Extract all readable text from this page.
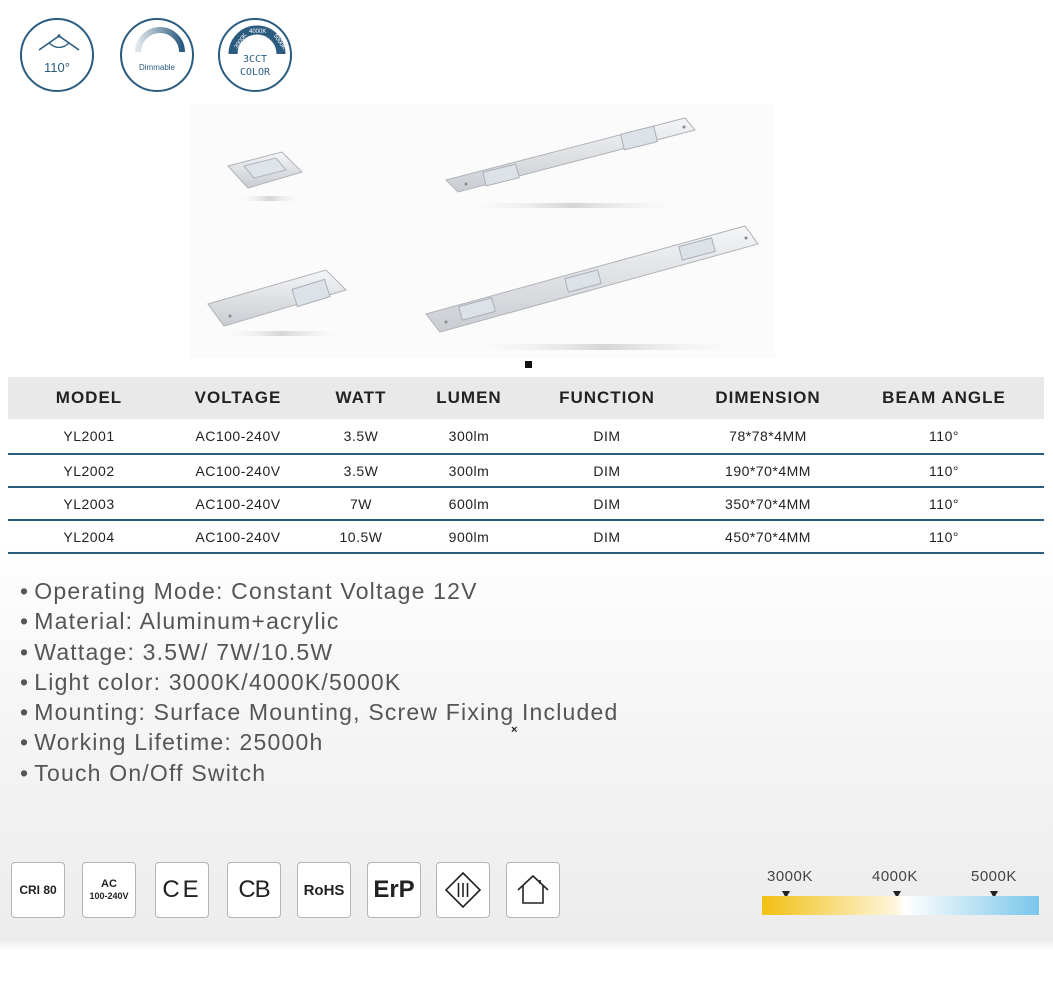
110°	Dimmable
3000K
4000K
5000K
3CCT
COLOR
MODEL	VOLTAGE	WATT	LUMEN	FUNCTION	DIMENSION	BEAM ANGLE
YL2001	AC100-240V	3.5W	300lm	DIM	78*78*4MM	110°
YL2002	AC100-240V	3.5W	300lm	DIM	190*70*4MM	110°
YL2003	AC100-240V	7W	600lm	DIM	350*70*4MM	110°
YL2004	AC100-240V	10.5W	900lm	DIM	450*70*4MM	110°
• Operating Mode: Constant Voltage 12V
• Material: Aluminum+acrylic
• Wattage: 3.5W/ 7W/10.5W
• Light color: 3000K/4000K/5000K
• Mounting: Surface Mounting, Screw Fixing Included
• Working Lifetime: 25000h
• Touch On/Off Switch
×
CRI 80	AC
100-240V CE CB RoHS ErP	3000K	4000K	5000K
